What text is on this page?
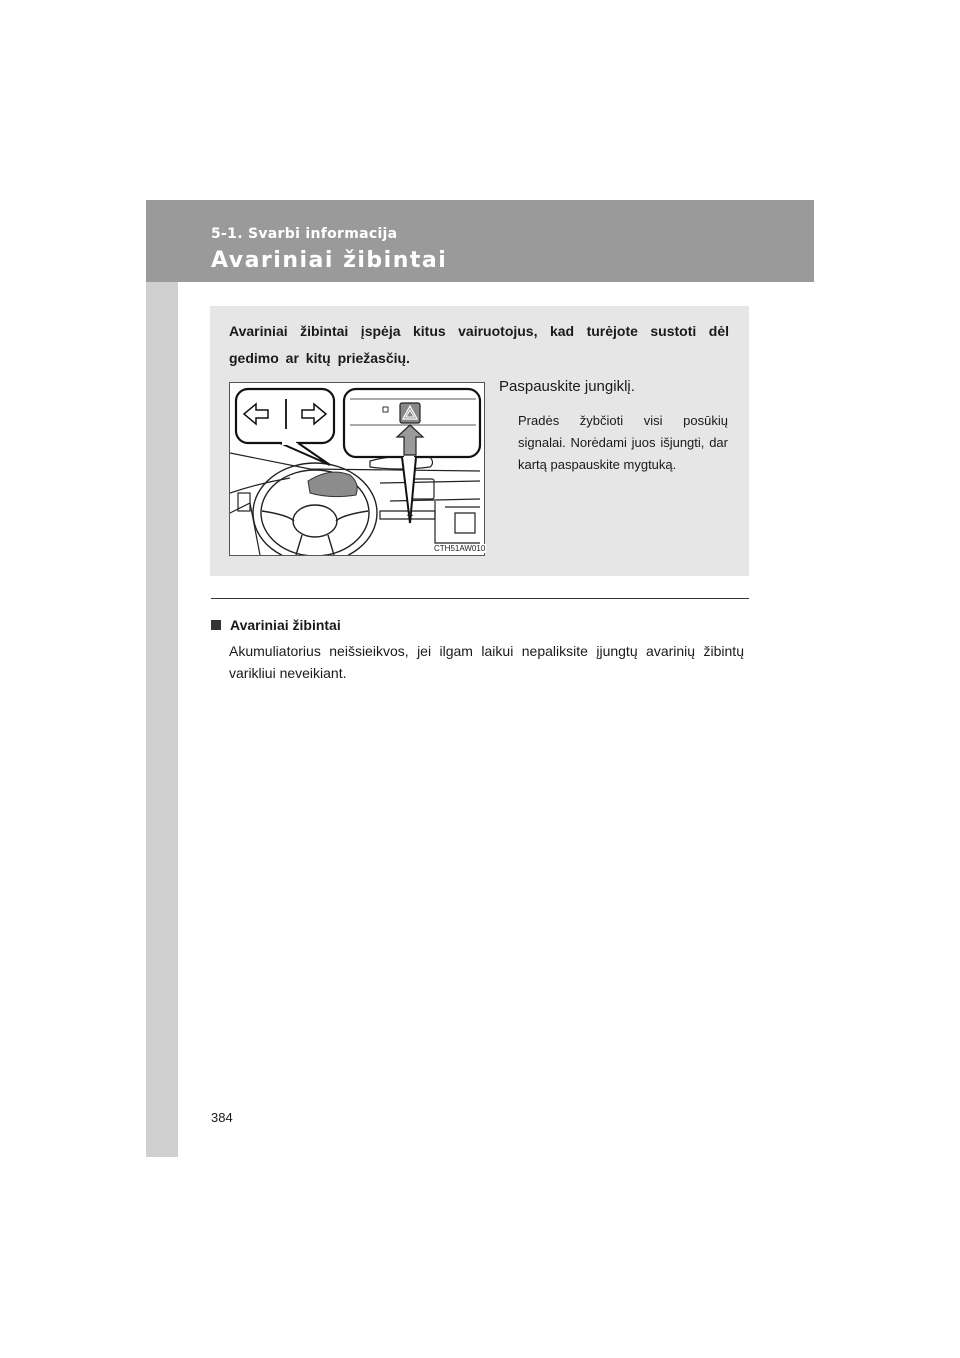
5-1. Svarbi informacija
Avariniai žibintai
Avariniai žibintai įspėja kitus vairuotojus, kad turėjote sustoti dėl gedimo ar kitų priežasčių.
CTH51AW010
Paspauskite jungiklį.
Pradės žybčioti visi posūkių signalai. Norėdami juos išjungti, dar kartą paspauskite mygtuką.
Avariniai žibintai
Akumuliatorius neišsieikvos, jei ilgam laikui nepaliksite įjungtų avarinių žibintų varikliui neveikiant.
384
